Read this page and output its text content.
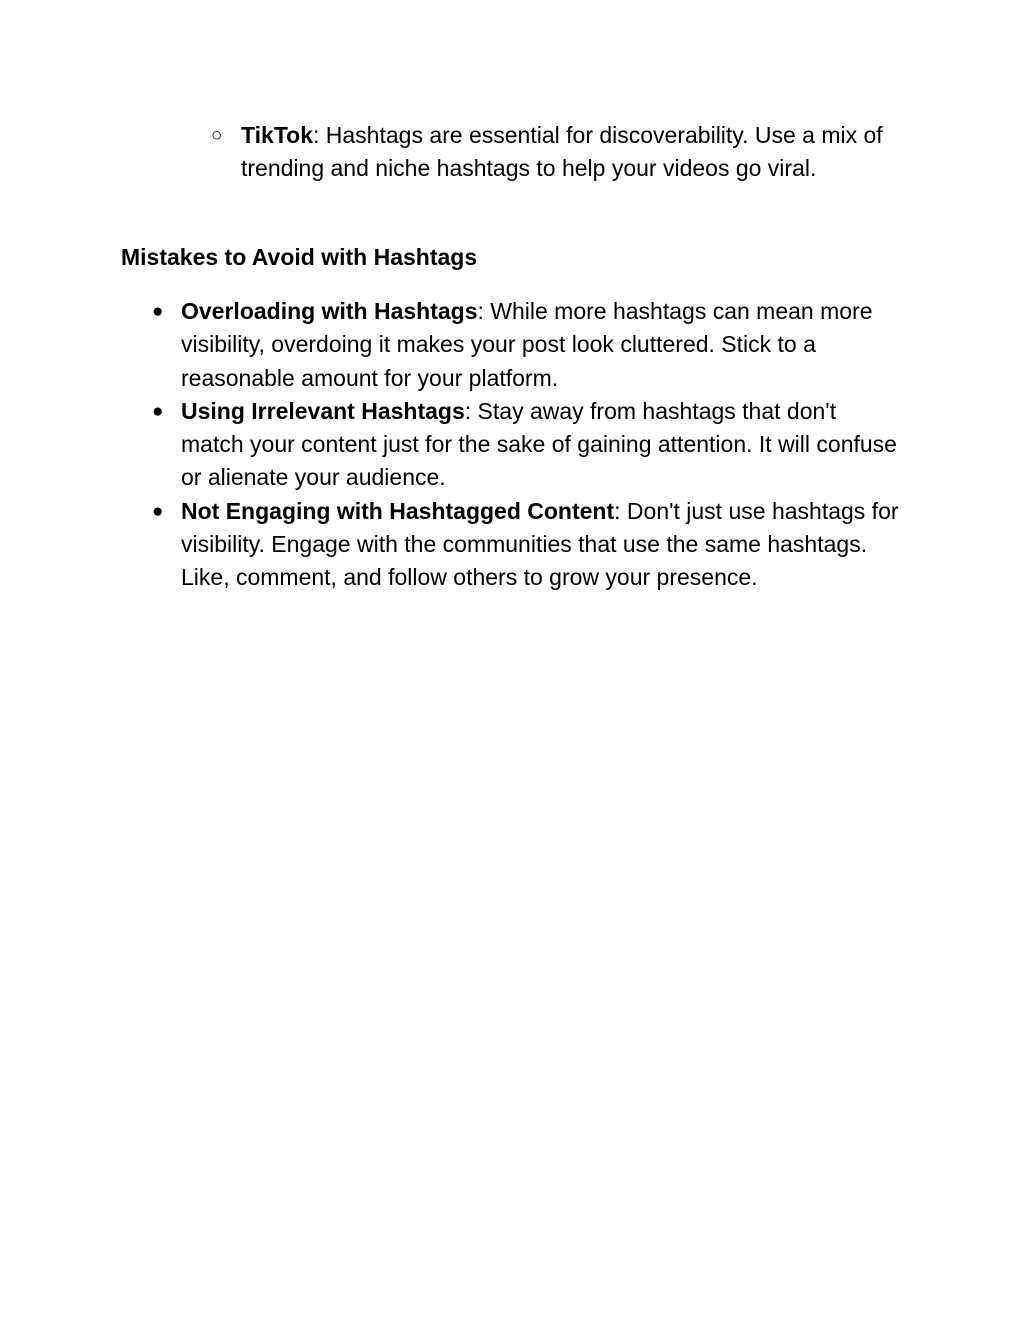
○ TikTok: Hashtags are essential for discoverability. Use a mix of trending and niche hashtags to help your videos go viral.
Mistakes to Avoid with Hashtags
● Overloading with Hashtags: While more hashtags can mean more visibility, overdoing it makes your post look cluttered. Stick to a reasonable amount for your platform.
● Using Irrelevant Hashtags: Stay away from hashtags that don't match your content just for the sake of gaining attention. It will confuse or alienate your audience.
● Not Engaging with Hashtagged Content: Don't just use hashtags for visibility. Engage with the communities that use the same hashtags. Like, comment, and follow others to grow your presence.
